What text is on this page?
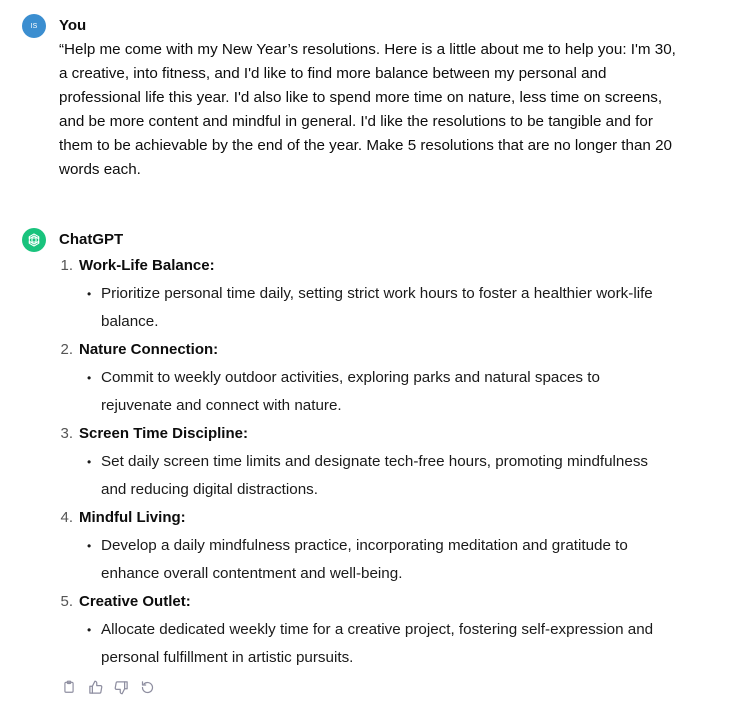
IS You
“Help me come with my New Year’s resolutions. Here is a little about me to help you: I'm 30, a creative, into fitness, and I'd like to find more balance between my personal and professional life this year. I'd also like to spend more time on nature, less time on screens, and be more content and mindful in general. I'd like the resolutions to be tangible and for them to be achievable by the end of the year. Make 5 resolutions that are no longer than 20 words each.
ChatGPT
1. Work-Life Balance:
• Prioritize personal time daily, setting strict work hours to foster a healthier work-life balance.
2. Nature Connection:
• Commit to weekly outdoor activities, exploring parks and natural spaces to rejuvenate and connect with nature.
3. Screen Time Discipline:
• Set daily screen time limits and designate tech-free hours, promoting mindfulness and reducing digital distractions.
4. Mindful Living:
• Develop a daily mindfulness practice, incorporating meditation and gratitude to enhance overall contentment and well-being.
5. Creative Outlet:
• Allocate dedicated weekly time for a creative project, fostering self-expression and personal fulfillment in artistic pursuits.
